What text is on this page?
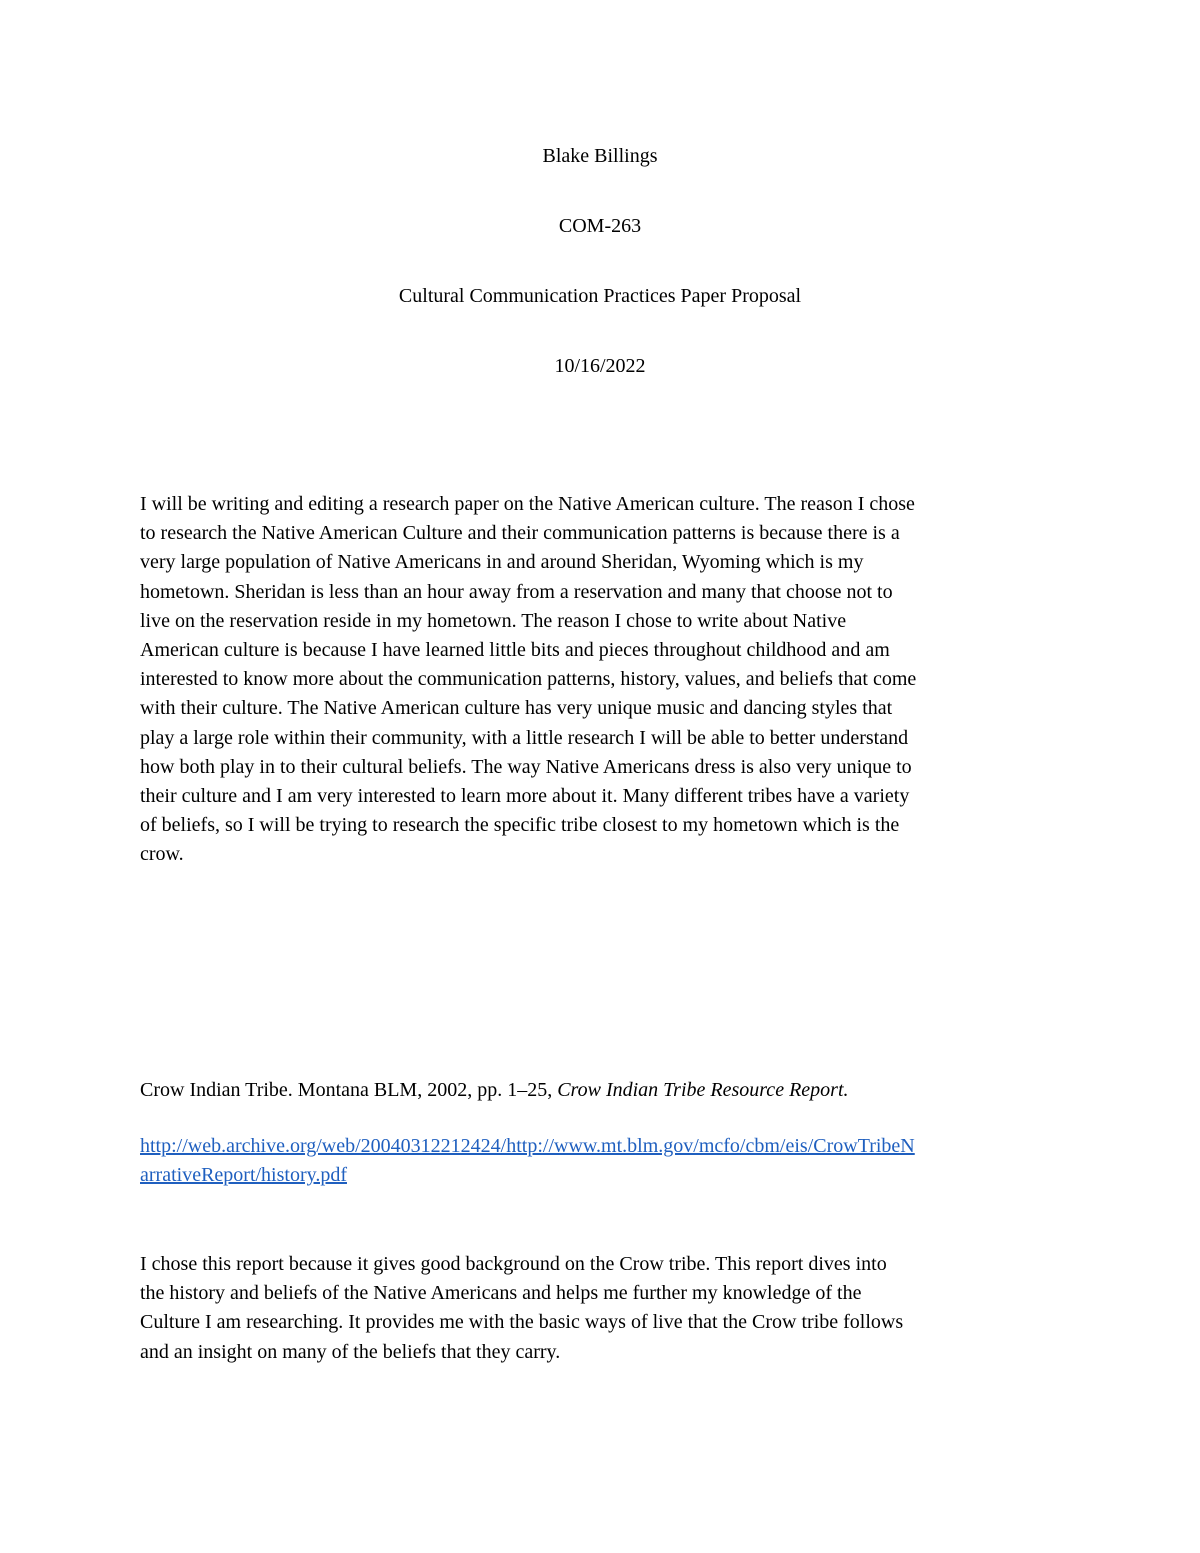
Blake Billings
COM-263
Cultural Communication Practices Paper Proposal
10/16/2022
I will be writing and editing a research paper on the Native American culture. The reason I chose
to research the Native American Culture and their communication patterns is because there is a
very large population of Native Americans in and around Sheridan, Wyoming which is my
hometown. Sheridan is less than an hour away from a reservation and many that choose not to
live on the reservation reside in my hometown. The reason I chose to write about Native
American culture is because I have learned little bits and pieces throughout childhood and am
interested to know more about the communication patterns, history, values, and beliefs that come
with their culture. The Native American culture has very unique music and dancing styles that
play a large role within their community, with a little research I will be able to better understand
how both play in to their cultural beliefs. The way Native Americans dress is also very unique to
their culture and I am very interested to learn more about it. Many different tribes have a variety
of beliefs, so I will be trying to research the specific tribe closest to my hometown which is the
crow.
Crow Indian Tribe. Montana BLM, 2002, pp. 1–25, Crow Indian Tribe Resource Report.
http://web.archive.org/web/20040312212424/http://www.mt.blm.gov/mcfo/cbm/eis/CrowTribeN
arrativeReport/history.pdf
I chose this report because it gives good background on the Crow tribe. This report dives into
the history and beliefs of the Native Americans and helps me further my knowledge of the
Culture I am researching. It provides me with the basic ways of live that the Crow tribe follows
and an insight on many of the beliefs that they carry.
